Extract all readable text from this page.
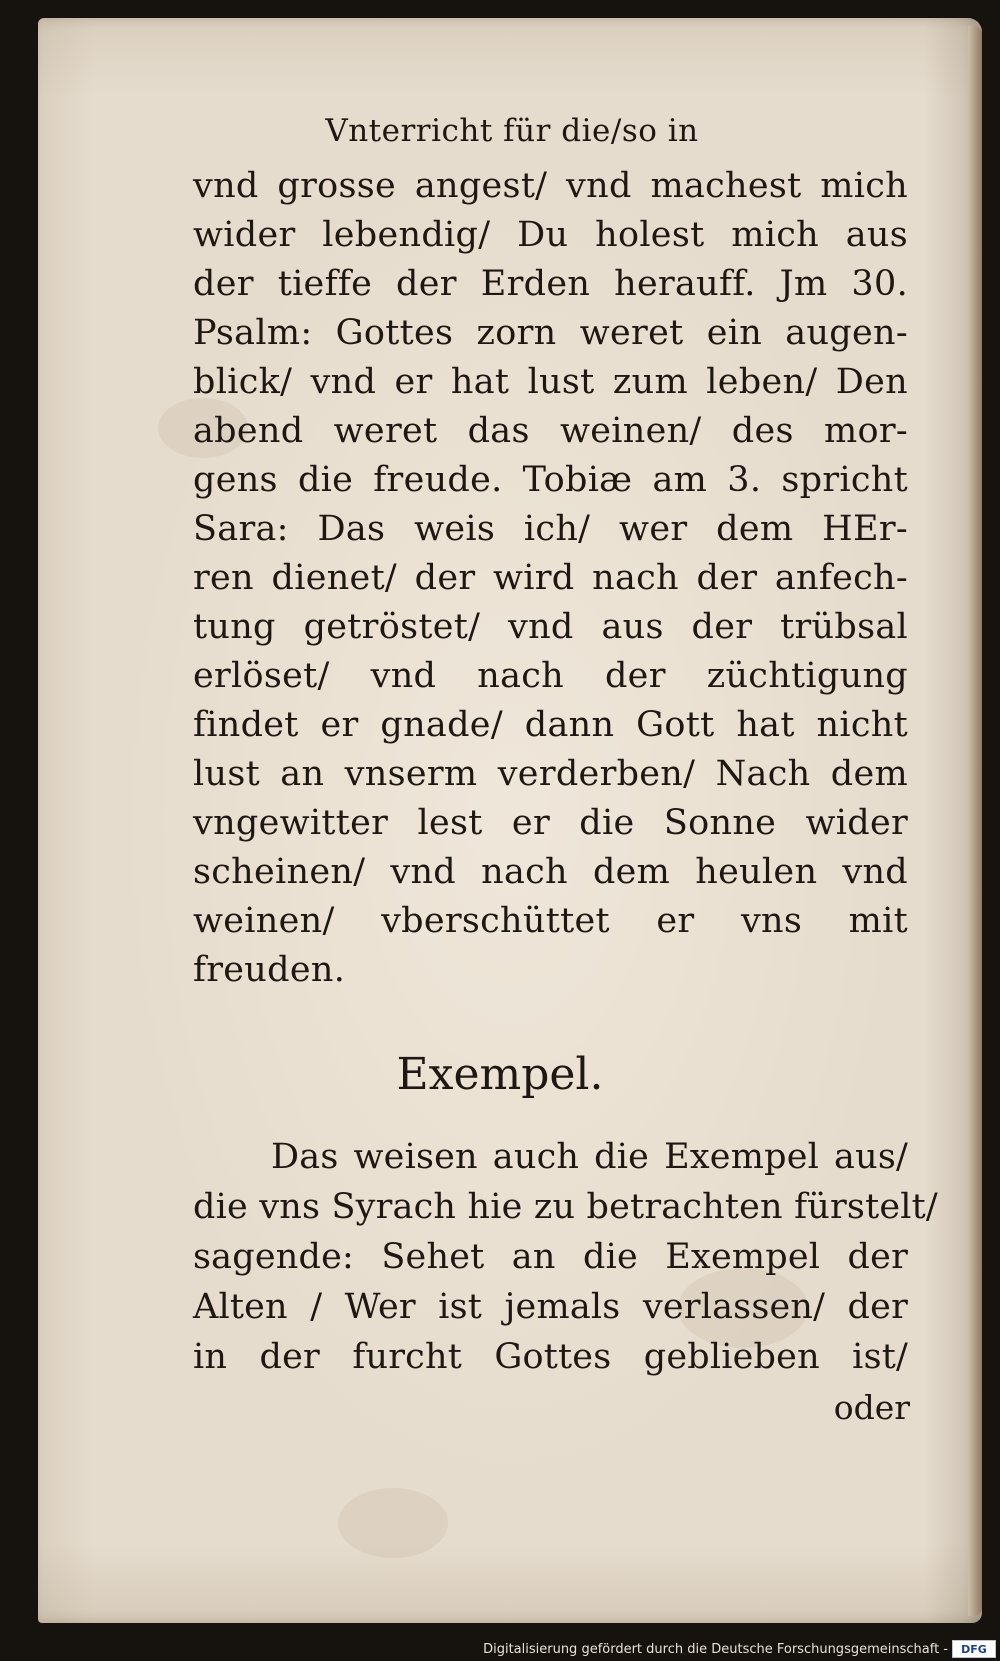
Vnterricht für die/so in
vnd grosse angest/ vnd machest mich
wider lebendig/ Du holest mich aus
der tieffe der Erden herauff. Jm 30.
Psalm: Gottes zorn weret ein augen-
blick/ vnd er hat lust zum leben/ Den
abend weret das weinen/ des mor-
gens die freude. Tobiæ am 3. spricht
Sara: Das weis ich/ wer dem HEr-
ren dienet/ der wird nach der anfech-
tung getröstet/ vnd aus der trübsal
erlöset/ vnd nach der züchtigung
findet er gnade/ dann Gott hat nicht
lust an vnserm verderben/ Nach dem
vngewitter lest er die Sonne wider
scheinen/ vnd nach dem heulen vnd
weinen/ vberschüttet er vns mit
freuden.
Exempel.
Das weisen auch die Exempel aus/
die vns Syrach hie zu betrachten fürstelt/
sagende: Sehet an die Exempel der
Alten / Wer ist jemals verlassen/ der
in der furcht Gottes geblieben ist/
oder
Digitalisierung gefördert durch die Deutsche Forschungsgemeinschaft -	DFG
